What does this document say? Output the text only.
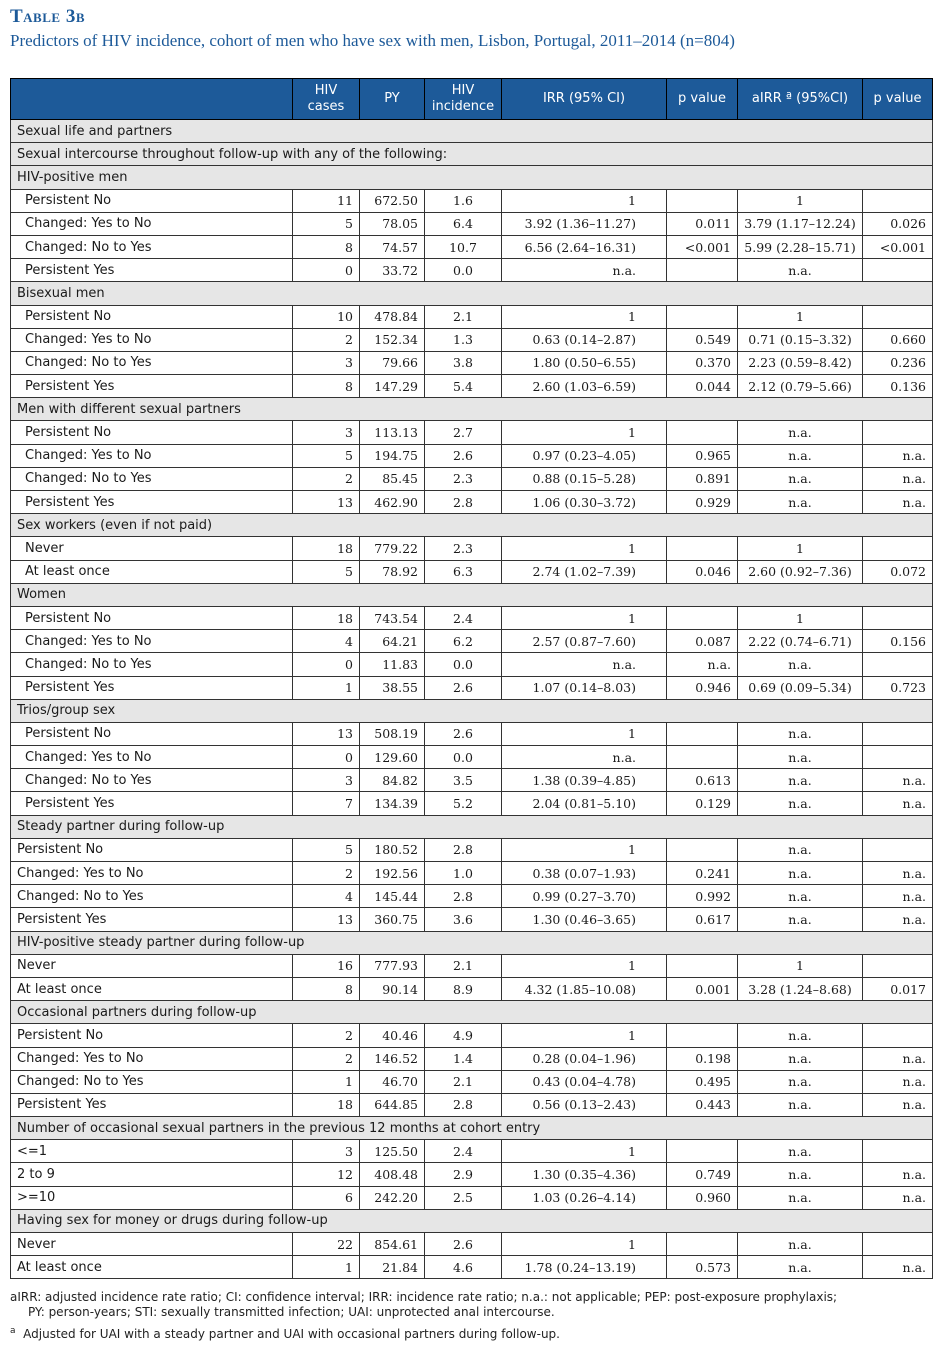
Table 3b
Predictors of HIV incidence, cohort of men who have sex with men, Lisbon, Portugal, 2011–2014 (n=804)
	HIV cases	PY	HIV incidence	IRR (95% CI)	p value	aIRR ª (95%CI)	p value
Sexual life and partners							
Sexual intercourse throughout follow-up with any of the following:							
HIV-positive men							
Persistent No	11	672.50	1.6	1		1	
Changed: Yes to No	5	78.05	6.4	3.92 (1.36–11.27)	0.011	3.79 (1.17–12.24)	0.026
Changed: No to Yes	8	74.57	10.7	6.56 (2.64–16.31)	<0.001	5.99 (2.28–15.71)	<0.001
Persistent Yes	0	33.72	0.0	n.a.		n.a.	
Bisexual men							
Persistent No	10	478.84	2.1	1		1	
Changed: Yes to No	2	152.34	1.3	0.63 (0.14–2.87)	0.549	0.71 (0.15–3.32)	0.660
Changed: No to Yes	3	79.66	3.8	1.80 (0.50–6.55)	0.370	2.23 (0.59–8.42)	0.236
Persistent Yes	8	147.29	5.4	2.60 (1.03–6.59)	0.044	2.12 (0.79–5.66)	0.136
Men with different sexual partners							
Persistent No	3	113.13	2.7	1		n.a.	
Changed: Yes to No	5	194.75	2.6	0.97 (0.23–4.05)	0.965	n.a.	n.a.
Changed: No to Yes	2	85.45	2.3	0.88 (0.15–5.28)	0.891	n.a.	n.a.
Persistent Yes	13	462.90	2.8	1.06 (0.30–3.72)	0.929	n.a.	n.a.
Sex workers (even if not paid)							
Never	18	779.22	2.3	1		1	
At least once	5	78.92	6.3	2.74 (1.02–7.39)	0.046	2.60 (0.92–7.36)	0.072
Women							
Persistent No	18	743.54	2.4	1		1	
Changed: Yes to No	4	64.21	6.2	2.57 (0.87–7.60)	0.087	2.22 (0.74–6.71)	0.156
Changed: No to Yes	0	11.83	0.0	n.a.	n.a.	n.a.	
Persistent Yes	1	38.55	2.6	1.07 (0.14–8.03)	0.946	0.69 (0.09–5.34)	0.723
Trios/group sex							
Persistent No	13	508.19	2.6	1		n.a.	
Changed: Yes to No	0	129.60	0.0	n.a.		n.a.	
Changed: No to Yes	3	84.82	3.5	1.38 (0.39–4.85)	0.613	n.a.	n.a.
Persistent Yes	7	134.39	5.2	2.04 (0.81–5.10)	0.129	n.a.	n.a.
Steady partner during follow-up							
Persistent No	5	180.52	2.8	1		n.a.	
Changed: Yes to No	2	192.56	1.0	0.38 (0.07–1.93)	0.241	n.a.	n.a.
Changed: No to Yes	4	145.44	2.8	0.99 (0.27–3.70)	0.992	n.a.	n.a.
Persistent Yes	13	360.75	3.6	1.30 (0.46–3.65)	0.617	n.a.	n.a.
HIV-positive steady partner during follow-up							
Never	16	777.93	2.1	1		1	
At least once	8	90.14	8.9	4.32 (1.85–10.08)	0.001	3.28 (1.24–8.68)	0.017
Occasional partners during follow-up							
Persistent No	2	40.46	4.9	1		n.a.	
Changed: Yes to No	2	146.52	1.4	0.28 (0.04–1.96)	0.198	n.a.	n.a.
Changed: No to Yes	1	46.70	2.1	0.43 (0.04–4.78)	0.495	n.a.	n.a.
Persistent Yes	18	644.85	2.8	0.56 (0.13–2.43)	0.443	n.a.	n.a.
Number of occasional sexual partners in the previous 12 months at cohort entry							
<=1	3	125.50	2.4	1		n.a.	
2 to 9	12	408.48	2.9	1.30 (0.35–4.36)	0.749	n.a.	n.a.
>=10	6	242.20	2.5	1.03 (0.26–4.14)	0.960	n.a.	n.a.
Having sex for money or drugs during follow-up							
Never	22	854.61	2.6	1		n.a.	
At least once	1	21.84	4.6	1.78 (0.24–13.19)	0.573	n.a.	n.a.

aIRR: adjusted incidence rate ratio; CI: confidence interval; IRR: incidence rate ratio; n.a.: not applicable; PEP: post-exposure prophylaxis;

PY: person-years; STI: sexually transmitted infection; UAI: unprotected anal intercourse.

$^a$ Adjusted for UAI with a steady partner and UAI with occasional partners during follow-up.
